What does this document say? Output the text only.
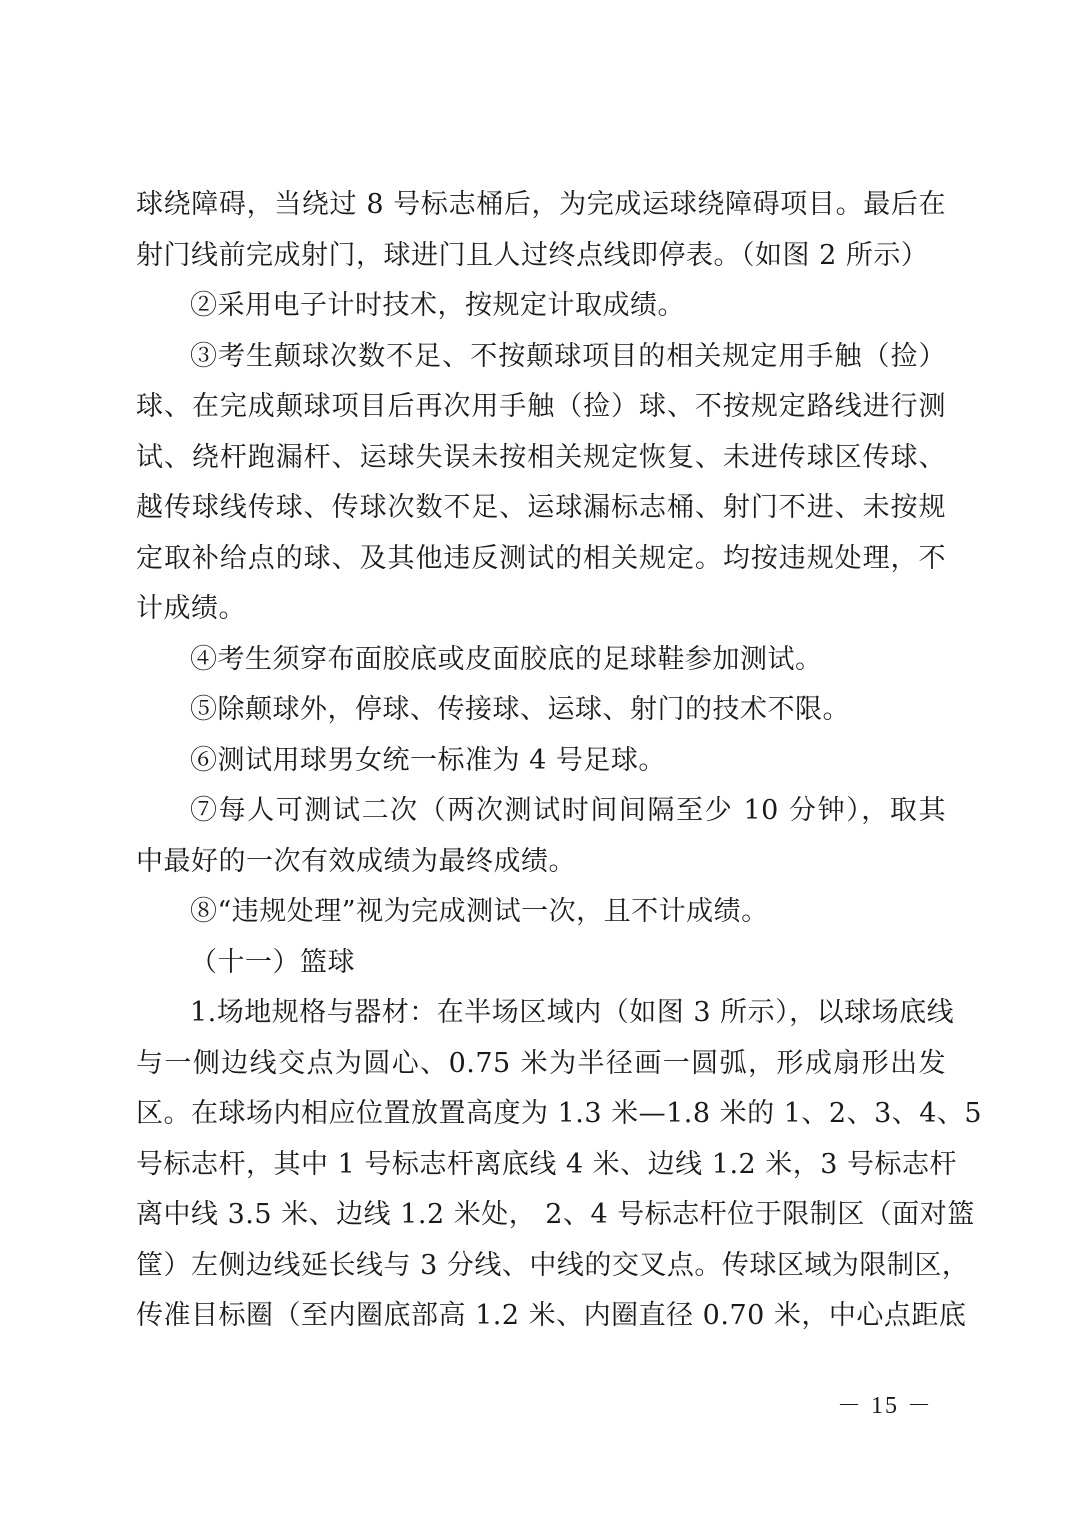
球绕障碍，当绕过 8 号标志桶后，为完成运球绕障碍项目。最后在
射门线前完成射门，球进门且人过终点线即停表。（如图 2 所示）
②采用电子计时技术，按规定计取成绩。
③考生颠球次数不足、不按颠球项目的相关规定用手触（捡）
球、在完成颠球项目后再次用手触（捡）球、不按规定路线进行测
试、绕杆跑漏杆、运球失误未按相关规定恢复、未进传球区传球、
越传球线传球、传球次数不足、运球漏标志桶、射门不进、未按规
定取补给点的球、及其他违反测试的相关规定。均按违规处理，不
计成绩。
④考生须穿布面胶底或皮面胶底的足球鞋参加测试。
⑤除颠球外，停球、传接球、运球、射门的技术不限。
⑥测试用球男女统一标准为 4 号足球。
⑦每人可测试二次（两次测试时间间隔至少 10 分钟），取其
中最好的一次有效成绩为最终成绩。
⑧“违规处理”视为完成测试一次，且不计成绩。
（十一）篮球
1.场地规格与器材：在半场区域内（如图 3 所示），以球场底线
与一侧边线交点为圆心、0.75 米为半径画一圆弧，形成扇形出发
区。在球场内相应位置放置高度为 1.3 米—1.8 米的 1、2、3、4、5
号标志杆，其中 1 号标志杆离底线 4 米、边线 1.2 米，3 号标志杆
离中线 3.5 米、边线 1.2 米处， 2、4 号标志杆位于限制区（面对篮
筐）左侧边线延长线与 3 分线、中线的交叉点。传球区域为限制区，
传准目标圈（至内圈底部高 1.2 米、内圈直径 0.70 米，中心点距底
－ 15 －
